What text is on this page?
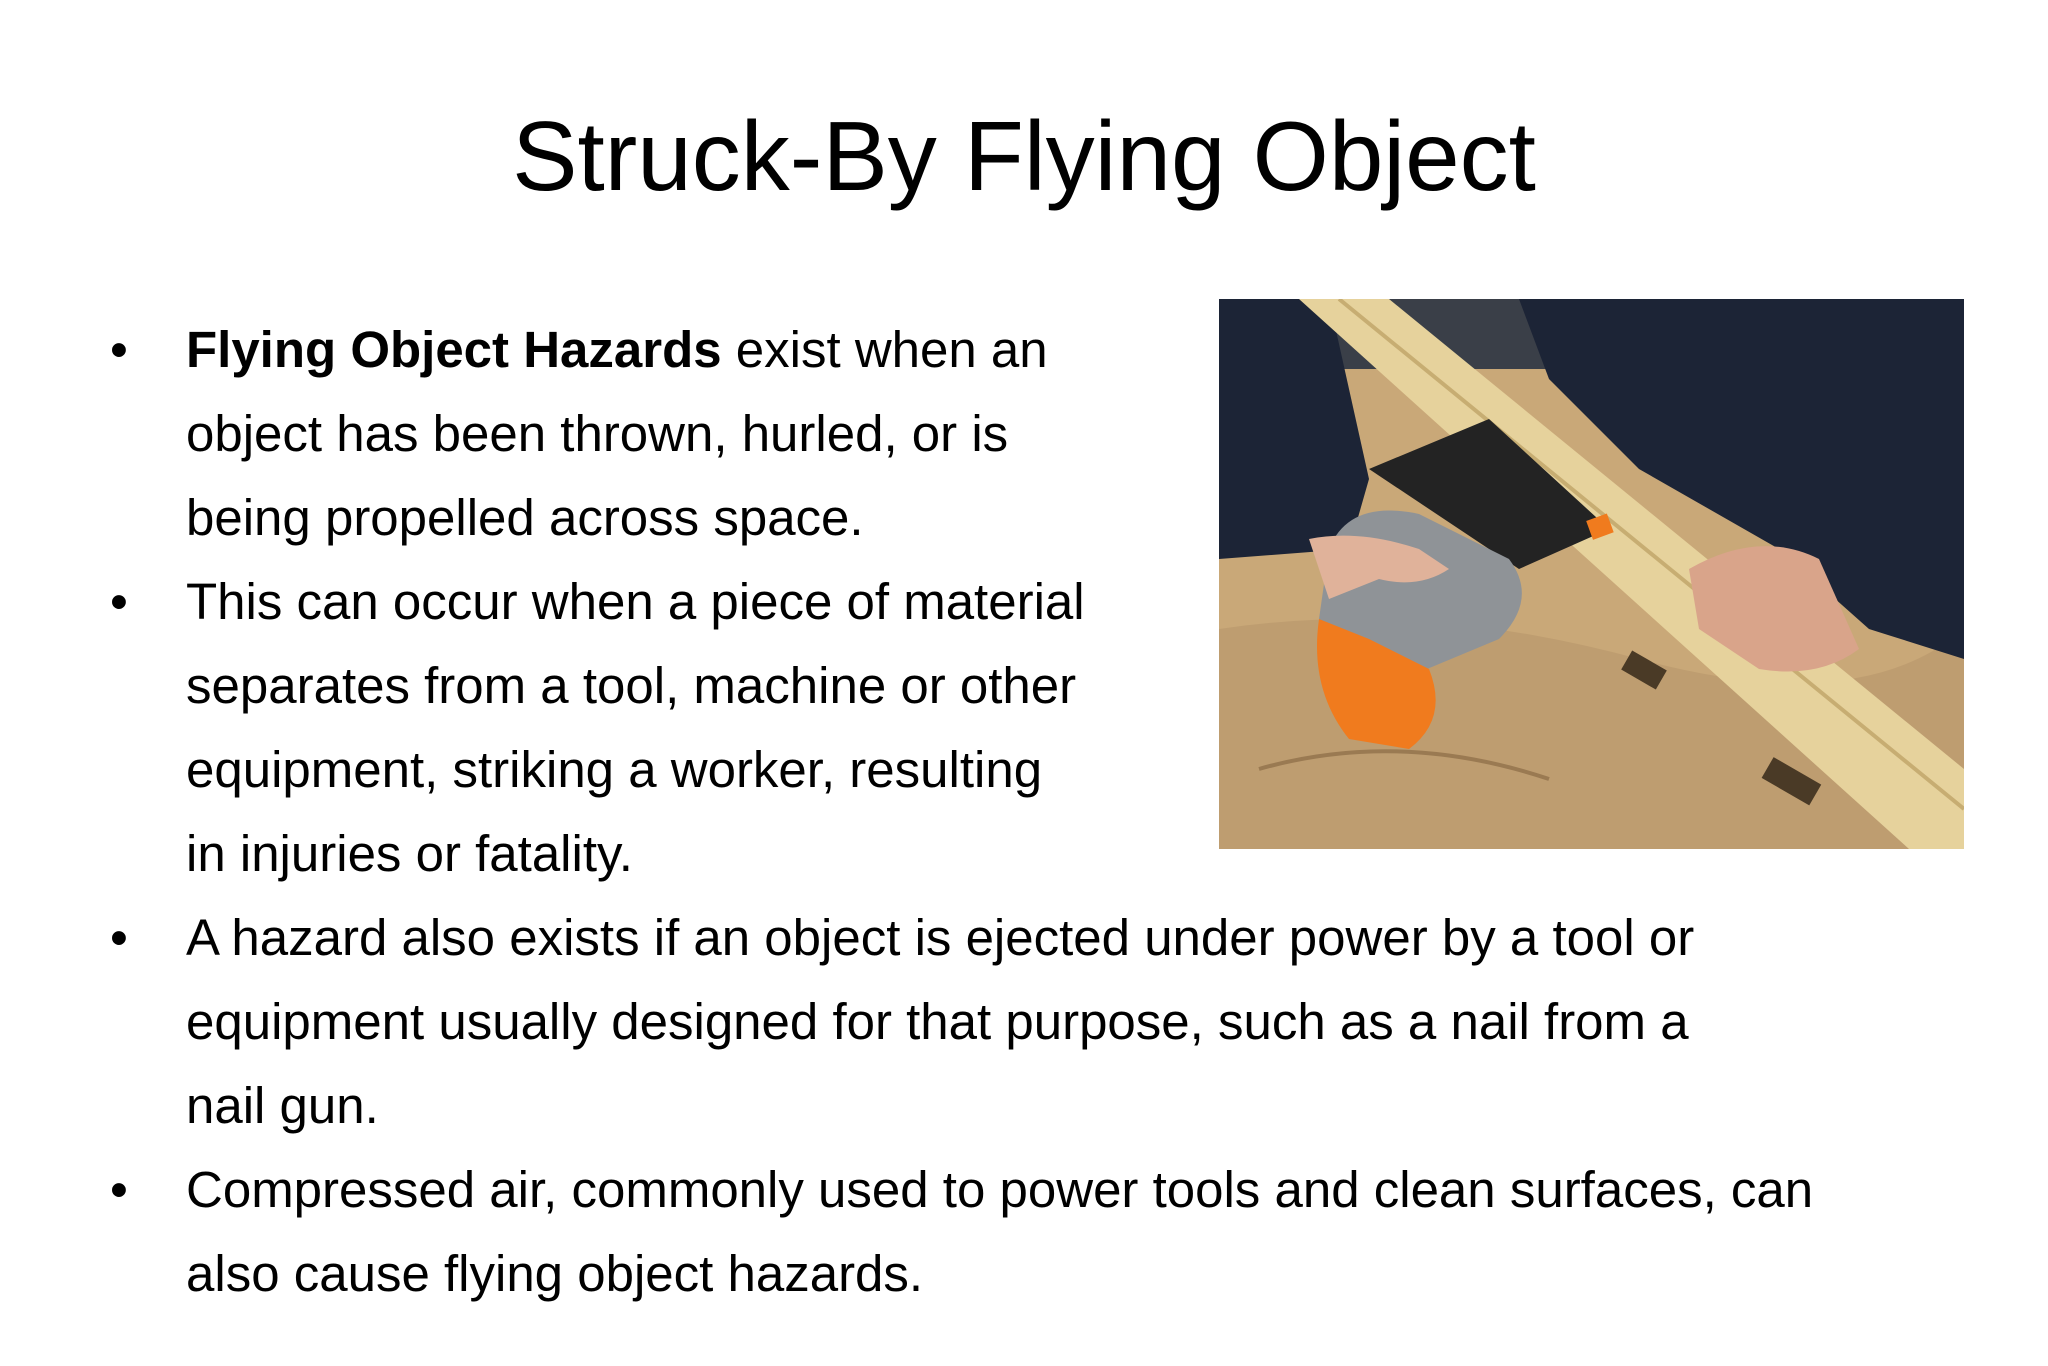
Struck-By Flying Object
•	Flying Object Hazards exist when an
object has been thrown, hurled, or is
being propelled across space.
•	This can occur when a piece of material
separates from a tool, machine or other
equipment, striking a worker, resulting
in injuries or fatality.
•	A hazard also exists if an object is ejected under power by a tool or
equipment usually designed for that purpose, such as a nail from a
nail gun.
•	Compressed air, commonly used to power tools and clean surfaces, can
also cause flying object hazards.
